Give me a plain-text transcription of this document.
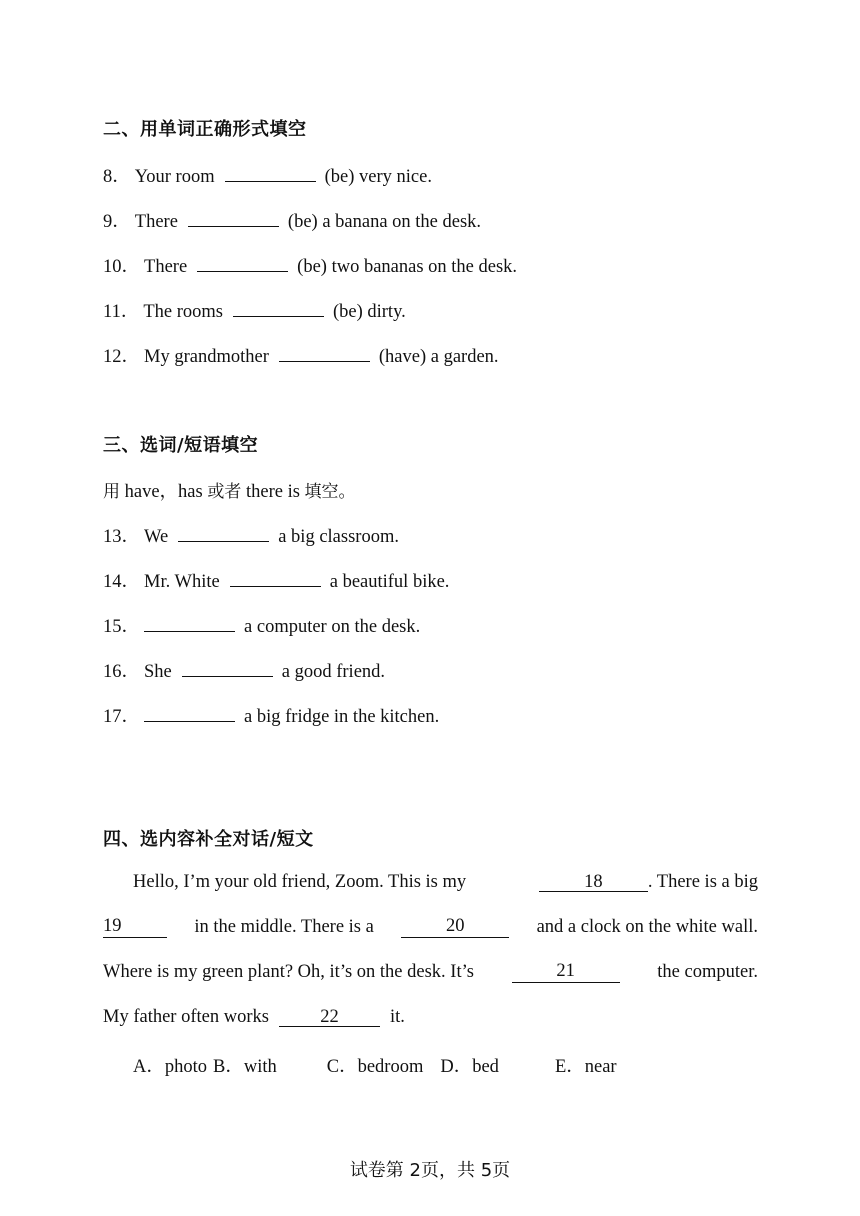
二、用单词正确形式填空
8． Your room	(be) very nice.
9． There	(be) a banana on the desk.
10． There	(be) two bananas on the desk.
11． The rooms	(be) dirty.
12． My grandmother	(have) a garden.
三、选词/短语填空
用 have，has 或者 there is 填空。
13． We	a big classroom.
14． Mr. White	a beautiful bike.
15．	a computer on the desk.
16． She	a good friend.
17．	a big fridge in the kitchen.
四、选内容补全对话/短文
Hello, I’m your old friend, Zoom. This is my	18 . There is a big
19	in the middle. There is a	20	and a clock on the white wall.
Where is my green plant? Oh, it’s on the desk. It’s	21	the computer.
My father often works	22	it.
A．photo B．with	C．bedroom D．bed	E．near
试卷第 2页，共 5页
